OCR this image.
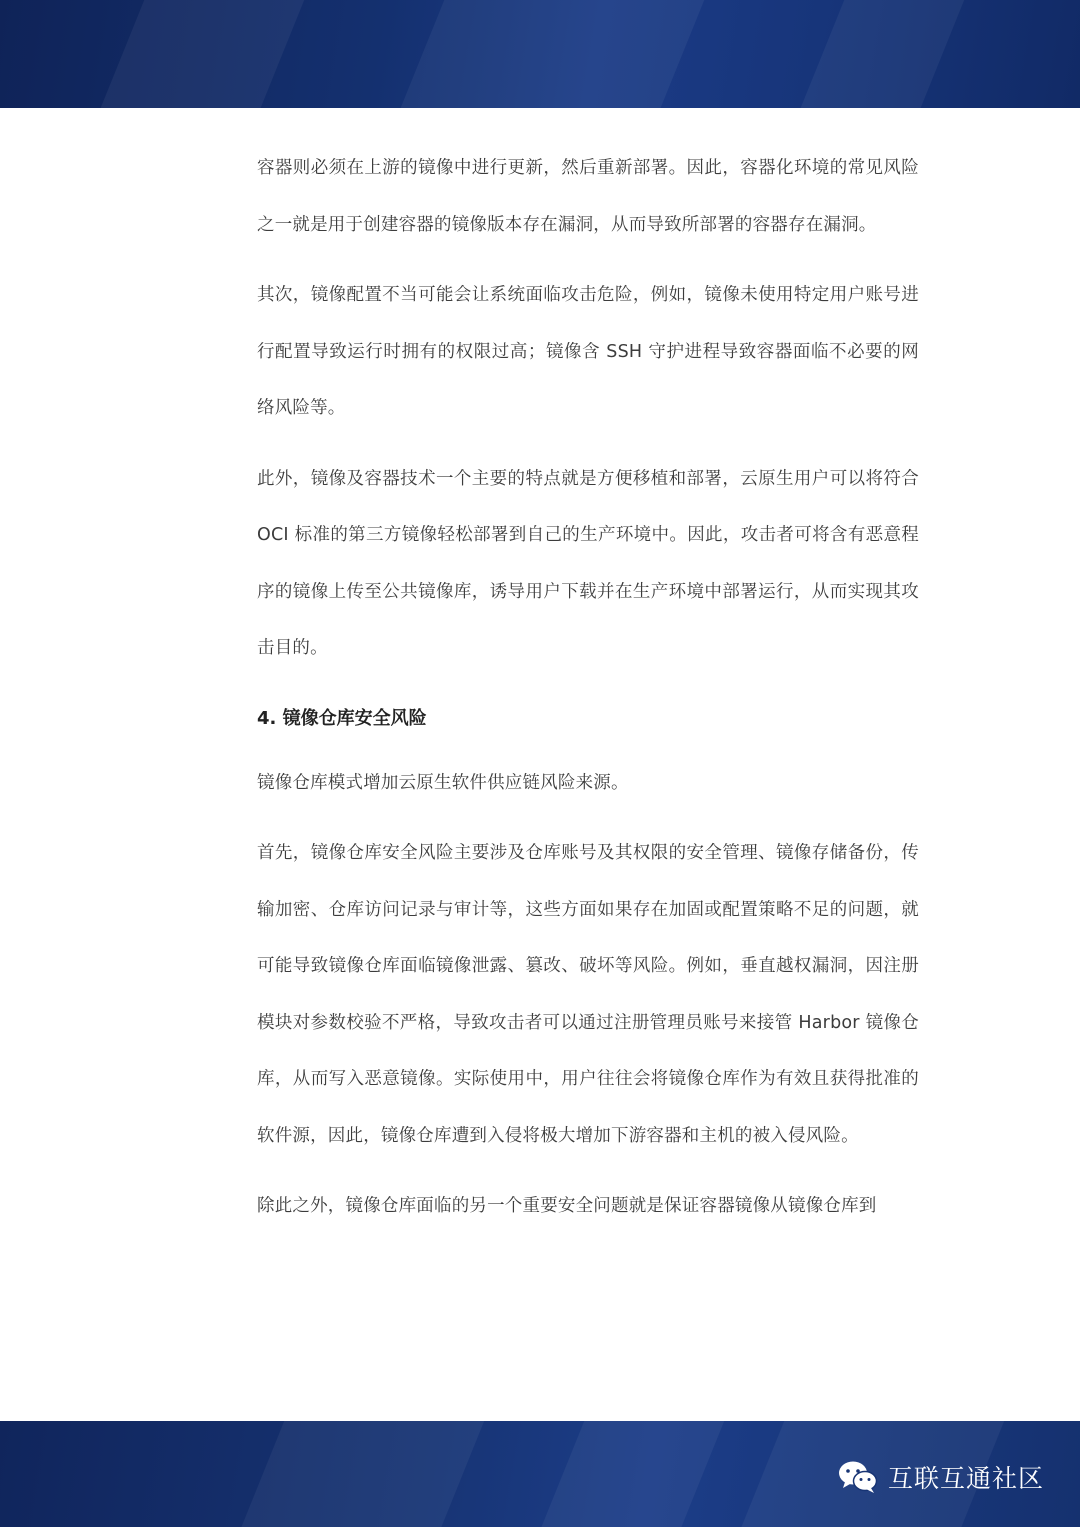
容器则必须在上游的镜像中进行更新，然后重新部署。因此，容器化环境的常见风险之一就是用于创建容器的镜像版本存在漏洞，从而导致所部署的容器存在漏洞。

其次，镜像配置不当可能会让系统面临攻击危险，例如，镜像未使用特定用户账号进行配置导致运行时拥有的权限过高；镜像含 SSH 守护进程导致容器面临不必要的网络风险等。

此外，镜像及容器技术一个主要的特点就是方便移植和部署，云原生用户可以将符合 OCI 标准的第三方镜像轻松部署到自己的生产环境中。因此，攻击者可将含有恶意程序的镜像上传至公共镜像库，诱导用户下载并在生产环境中部署运行，从而实现其攻击目的。

4. 镜像仓库安全风险

镜像仓库模式增加云原生软件供应链风险来源。

首先，镜像仓库安全风险主要涉及仓库账号及其权限的安全管理、镜像存储备份，传输加密、仓库访问记录与审计等，这些方面如果存在加固或配置策略不足的问题，就可能导致镜像仓库面临镜像泄露、篡改、破坏等风险。例如，垂直越权漏洞，因注册模块对参数校验不严格，导致攻击者可以通过注册管理员账号来接管 Harbor 镜像仓库，从而写入恶意镜像。实际使用中，用户往往会将镜像仓库作为有效且获得批准的软件源，因此，镜像仓库遭到入侵将极大增加下游容器和主机的被入侵风险。

除此之外，镜像仓库面临的另一个重要安全问题就是保证容器镜像从镜像仓库到

互联互通社区
